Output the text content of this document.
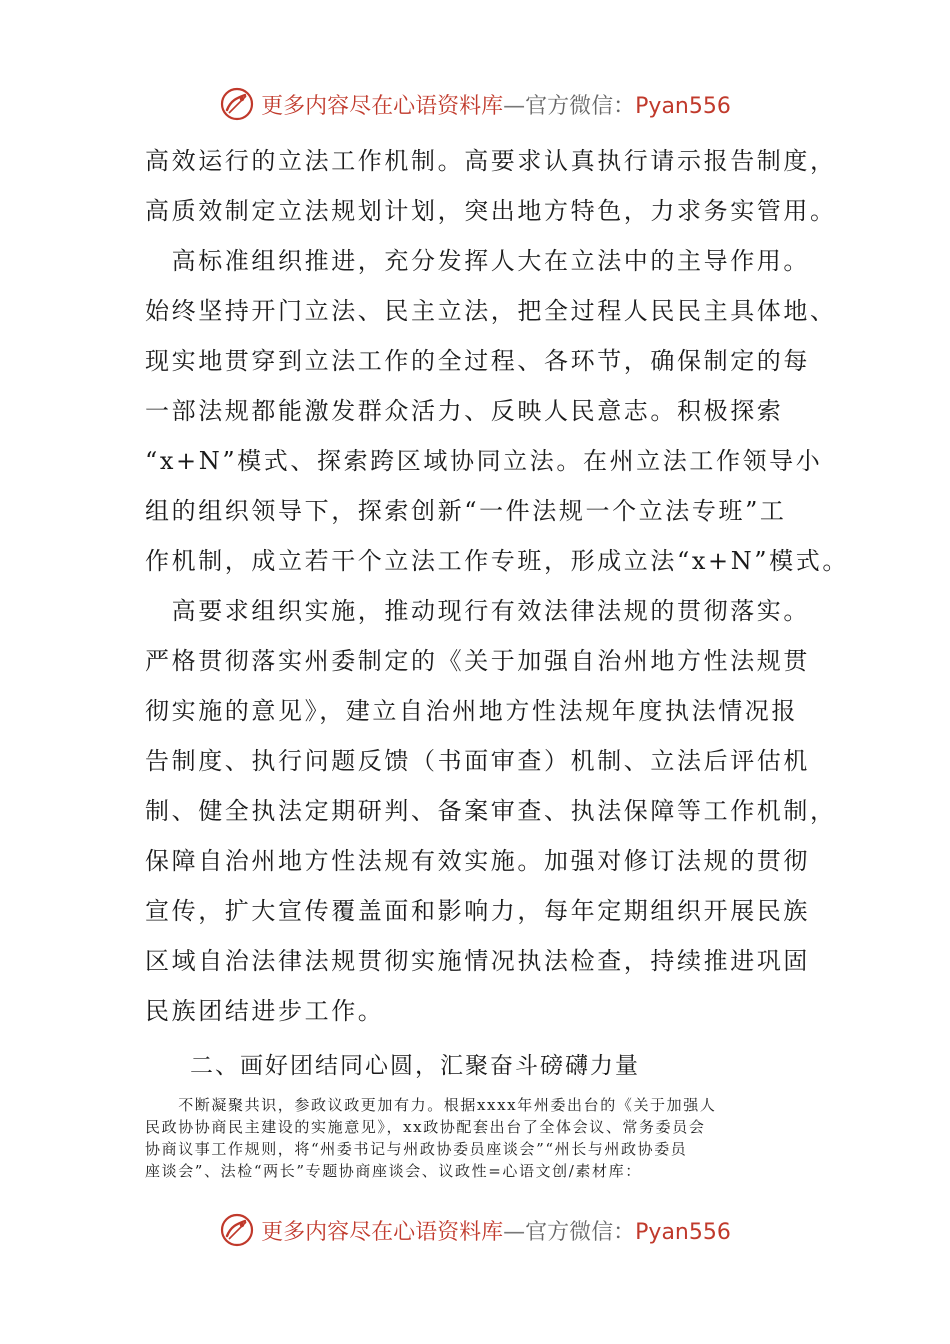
更多内容尽在心语资料库—官方微信：Pyan556
高效运行的立法工作机制。高要求认真执行请示报告制度，
高质效制定立法规划计划，突出地方特色，力求务实管用。
　高标准组织推进，充分发挥人大在立法中的主导作用。
始终坚持开门立法、民主立法，把全过程人民民主具体地、
现实地贯穿到立法工作的全过程、各环节，确保制定的每
一部法规都能激发群众活力、反映人民意志。积极探索
“x+N”模式、探索跨区域协同立法。在州立法工作领导小
组的组织领导下，探索创新“一件法规一个立法专班”工
作机制，成立若干个立法工作专班，形成立法“x+N”模式。
　高要求组织实施，推动现行有效法律法规的贯彻落实。
严格贯彻落实州委制定的《关于加强自治州地方性法规贯
彻实施的意见》，建立自治州地方性法规年度执法情况报
告制度、执行问题反馈（书面审查）机制、立法后评估机
制、健全执法定期研判、备案审查、执法保障等工作机制，
保障自治州地方性法规有效实施。加强对修订法规的贯彻
宣传，扩大宣传覆盖面和影响力，每年定期组织开展民族
区域自治法律法规贯彻实施情况执法检查，持续推进巩固
民族团结进步工作。
二、画好团结同心圆，汇聚奋斗磅礴力量
　　不断凝聚共识，参政议政更加有力。根据xxxx年州委出台的《关于加强人
民政协协商民主建设的实施意见》，xx政协配套出台了全体会议、常务委员会
协商议事工作规则，将“州委书记与州政协委员座谈会”“州长与州政协委员
座谈会”、法检“两长”专题协商座谈会、议政性=心语文创/素材库：
更多内容尽在心语资料库—官方微信：Pyan556
